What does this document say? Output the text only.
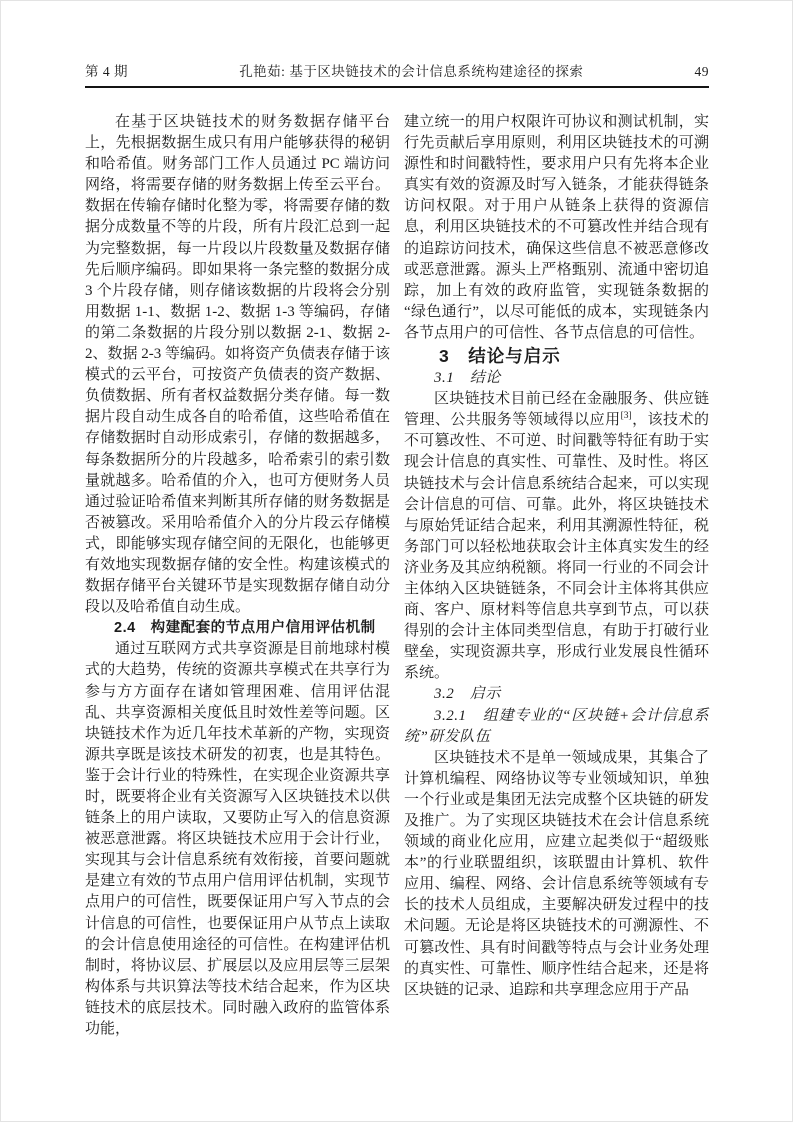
第 4 期	孔艳茹: 基于区块链技术的会计信息系统构建途径的探索	49

在基于区块链技术的财务数据存储平台上，先根据数据生成只有用户能够获得的秘钥和哈希值。财务部门工作人员通过 PC 端访问网络，将需要存储的财务数据上传至云平台。数据在传输存储时化整为零，将需要存储的数据分成数量不等的片段，所有片段汇总到一起为完整数据，每一片段以片段数量及数据存储先后顺序编码。即如果将一条完整的数据分成 3 个片段存储，则存储该数据的片段将会分别用数据 1-1、数据 1-2、数据 1-3 等编码，存储的第二条数据的片段分别以数据 2-1、数据 2-2、数据 2-3 等编码。如将资产负债表存储于该模式的云平台，可按资产负债表的资产数据、负债数据、所有者权益数据分类存储。每一数据片段自动生成各自的哈希值，这些哈希值在存储数据时自动形成索引，存储的数据越多，每条数据所分的片段越多，哈希索引的索引数量就越多。哈希值的介入，也可方便财务人员通过验证哈希值来判断其所存储的财务数据是否被篡改。采用哈希值介入的分片段云存储模式，即能够实现存储空间的无限化，也能够更有效地实现数据存储的安全性。构建该模式的数据存储平台关键环节是实现数据存储自动分段以及哈希值自动生成。

2.4　构建配套的节点用户信用评估机制

通过互联网方式共享资源是目前地球村模式的大趋势，传统的资源共享模式在共享行为参与方方面存在诸如管理困难、信用评估混乱、共享资源相关度低且时效性差等问题。区块链技术作为近几年技术革新的产物，实现资源共享既是该技术研发的初衷，也是其特色。鉴于会计行业的特殊性，在实现企业资源共享时，既要将企业有关资源写入区块链技术以供链条上的用户读取，又要防止写入的信息资源被恶意泄露。将区块链技术应用于会计行业，实现其与会计信息系统有效衔接，首要问题就是建立有效的节点用户信用评估机制，实现节点用户的可信性，既要保证用户写入节点的会计信息的可信性，也要保证用户从节点上读取的会计信息使用途径的可信性。在构建评估机制时，将协议层、扩展层以及应用层等三层架构体系与共识算法等技术结合起来，作为区块链技术的底层技术。同时融入政府的监管体系功能，

建立统一的用户权限许可协议和测试机制，实行先贡献后享用原则，利用区块链技术的可溯源性和时间戳特性，要求用户只有先将本企业真实有效的资源及时写入链条，才能获得链条访问权限。对于用户从链条上获得的资源信息，利用区块链技术的不可篡改性并结合现有的追踪访问技术，确保这些信息不被恶意修改或恶意泄露。源头上严格甄别、流通中密切追踪，加上有效的政府监管，实现链条数据的“绿色通行”，以尽可能低的成本，实现链条内各节点用户的可信性、各节点信息的可信性。

3　结论与启示

3.1　结论

区块链技术目前已经在金融服务、供应链管理、公共服务等领域得以应用[3]，该技术的不可篡改性、不可逆、时间戳等特征有助于实现会计信息的真实性、可靠性、及时性。将区块链技术与会计信息系统结合起来，可以实现会计信息的可信、可靠。此外，将区块链技术与原始凭证结合起来，利用其溯源性特征，税务部门可以轻松地获取会计主体真实发生的经济业务及其应纳税额。将同一行业的不同会计主体纳入区块链链条，不同会计主体将其供应商、客户、原材料等信息共享到节点，可以获得别的会计主体同类型信息，有助于打破行业壁垒，实现资源共享，形成行业发展良性循环系统。

3.2　启示

3.2.1　组建专业的“区块链+会计信息系统”研发队伍

区块链技术不是单一领域成果，其集合了计算机编程、网络协议等专业领域知识，单独一个行业或是集团无法完成整个区块链的研发及推广。为了实现区块链技术在会计信息系统领域的商业化应用，应建立起类似于“超级账本”的行业联盟组织，该联盟由计算机、软件应用、编程、网络、会计信息系统等领域有专长的技术人员组成，主要解决研发过程中的技术问题。无论是将区块链技术的可溯源性、不可篡改性、具有时间戳等特点与会计业务处理的真实性、可靠性、顺序性结合起来，还是将区块链的记录、追踪和共享理念应用于产品
